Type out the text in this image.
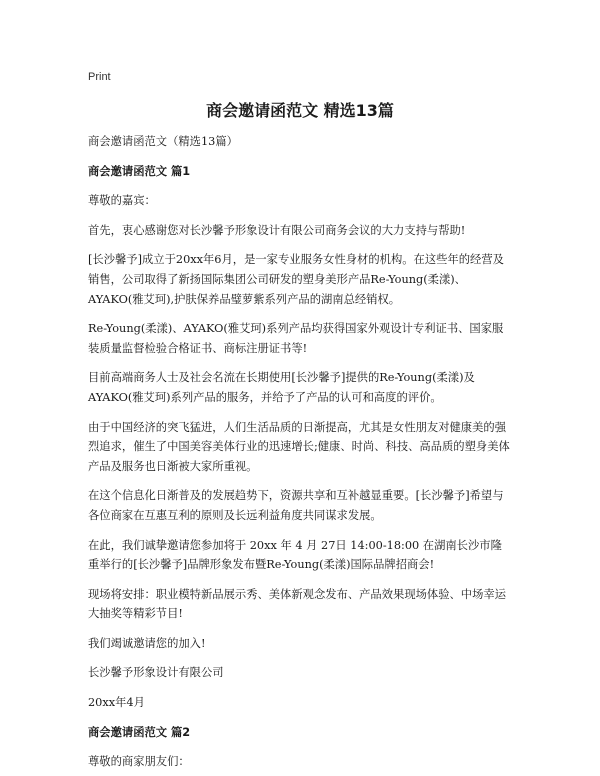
Print
商会邀请函范文 精选13篇

商会邀请函范文（精选13篇）

商会邀请函范文 篇1

尊敬的嘉宾：

首先，衷心感谢您对长沙馨予形象设计有限公司商务会议的大力支持与帮助!

[长沙馨予]成立于20xx年6月，是一家专业服务女性身材的机构。在这些年的经营及销售，公司取得了新扬国际集团公司研发的塑身美形产品Re-Young(柔漾)、AYAKO(雅艾珂),护肤保养品璧萝紫系列产品的湖南总经销权。

Re-Young(柔漾)、AYAKO(雅艾珂)系列产品均获得国家外观设计专利证书、国家服装质量监督检验合格证书、商标注册证书等!

目前高端商务人士及社会名流在长期使用[长沙馨予]提供的Re-Young(柔漾)及AYAKO(雅艾珂)系列产品的服务，并给予了产品的认可和高度的评价。

由于中国经济的突飞猛进，人们生活品质的日渐提高，尤其是女性朋友对健康美的强烈追求，催生了中国美容美体行业的迅速增长;健康、时尚、科技、高品质的塑身美体产品及服务也日渐被大家所重视。

在这个信息化日渐普及的发展趋势下，资源共享和互补越显重要。[长沙馨予]希望与各位商家在互惠互利的原则及长远利益角度共同谋求发展。

在此，我们诚挚邀请您参加将于 20xx 年 4 月 27日 14:00-18:00 在湖南长沙市隆重举行的[长沙馨予]品牌形象发布暨Re-Young(柔漾)国际品牌招商会!

现场将安排：职业模特新品展示秀、美体新观念发布、产品效果现场体验、中场幸运大抽奖等精彩节目!

我们竭诚邀请您的加入!

长沙馨予形象设计有限公司

20xx年4月

商会邀请函范文 篇2

尊敬的商家朋友们：
